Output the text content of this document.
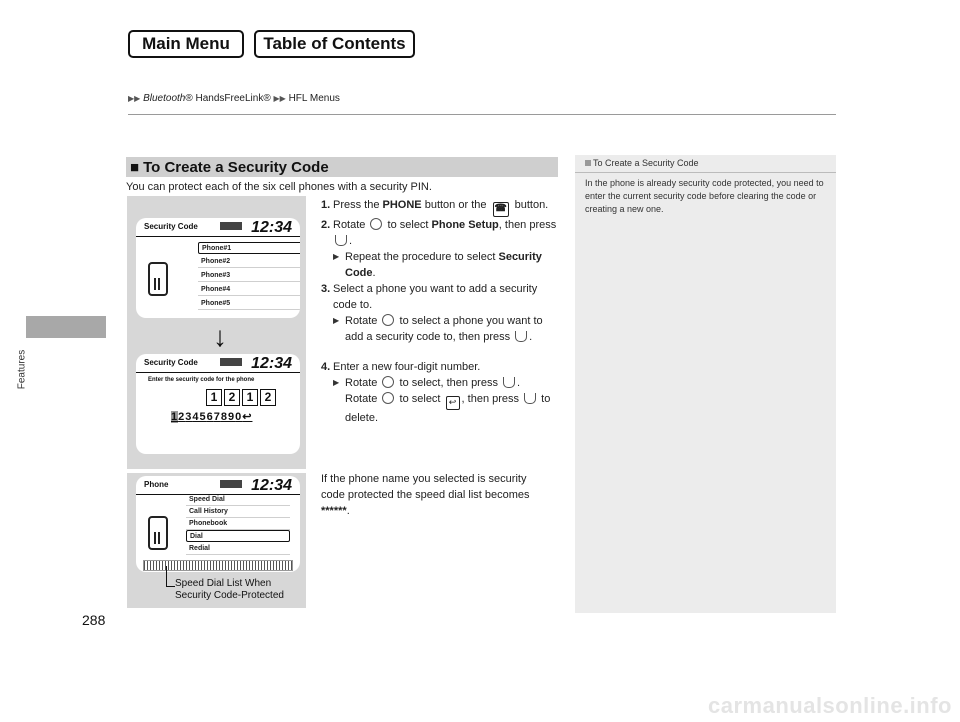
Main Menu	Table of Contents
▶▶ Bluetooth® HandsFreeLink® ▶▶ HFL Menus
Features
■ To Create a Security Code
You can protect each of the six cell phones with a security PIN.
1. Press the PHONE button or the ☎ button.
2. Rotate  to select Phone Setup, then press .
▶ Repeat the procedure to select Security Code.
3. Select a phone you want to add a security code to.
▶ Rotate  to select a phone you want to add a security code to, then press .
4. Enter a new four-digit number.
▶ Rotate  to select, then press .
Rotate  to select ↩ , then press  to delete.
If the phone name you selected is security code protected the speed dial list becomes ******.
To Create a Security Code
In the phone is already security code protected, you need to enter the current security code before clearing the code or creating a new one.
Security Code	12:34
Phone#1
Phone#2
Phone#3
Phone#4
Phone#5
↓
Security Code	12:34
Enter the security code for the phone
1 2 1 2
1234567890↩
Phone	12:34
Speed Dial
Call History
Phonebook
Dial
Redial
Speed Dial List When
Security Code-Protected
288
carmanualsonline.info
